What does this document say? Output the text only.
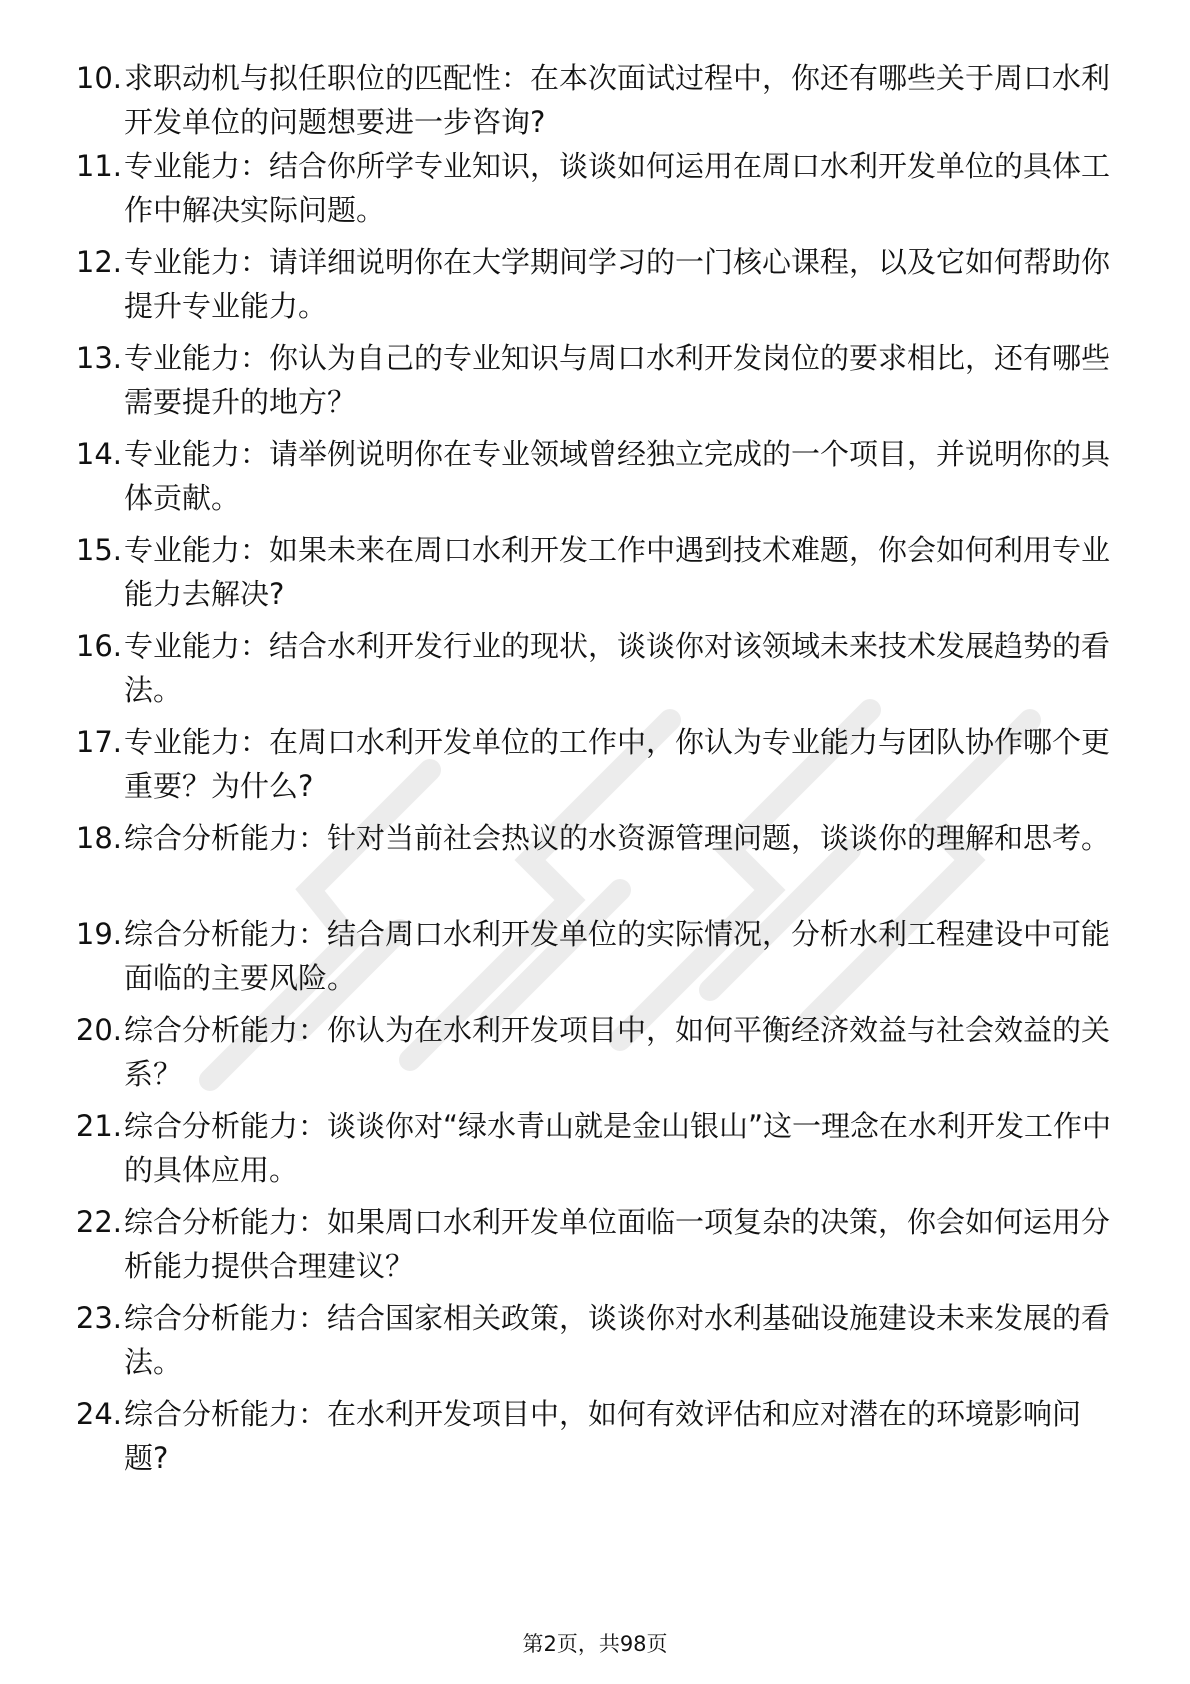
10. 求职动机与拟任职位的匹配性：在本次面试过程中，你还有哪些关于周口水利开发单位的问题想要进一步咨询?
11. 专业能力：结合你所学专业知识，谈谈如何运用在周口水利开发单位的具体工作中解决实际问题。
12. 专业能力：请详细说明你在大学期间学习的一门核心课程，以及它如何帮助你提升专业能力。
13. 专业能力：你认为自己的专业知识与周口水利开发岗位的要求相比，还有哪些需要提升的地方？
14. 专业能力：请举例说明你在专业领域曾经独立完成的一个项目，并说明你的具体贡献。
15. 专业能力：如果未来在周口水利开发工作中遇到技术难题，你会如何利用专业能力去解决?
16. 专业能力：结合水利开发行业的现状，谈谈你对该领域未来技术发展趋势的看法。
17. 专业能力：在周口水利开发单位的工作中，你认为专业能力与团队协作哪个更重要？为什么?
18. 综合分析能力：针对当前社会热议的水资源管理问题，谈谈你的理解和思考。
19. 综合分析能力：结合周口水利开发单位的实际情况，分析水利工程建设中可能面临的主要风险。
20. 综合分析能力：你认为在水利开发项目中，如何平衡经济效益与社会效益的关系？
21. 综合分析能力：谈谈你对“绿水青山就是金山银山”这一理念在水利开发工作中的具体应用。
22. 综合分析能力：如果周口水利开发单位面临一项复杂的决策，你会如何运用分析能力提供合理建议？
23. 综合分析能力：结合国家相关政策，谈谈你对水利基础设施建设未来发展的看法。
24. 综合分析能力：在水利开发项目中，如何有效评估和应对潜在的环境影响问题?
第2页，共98页
